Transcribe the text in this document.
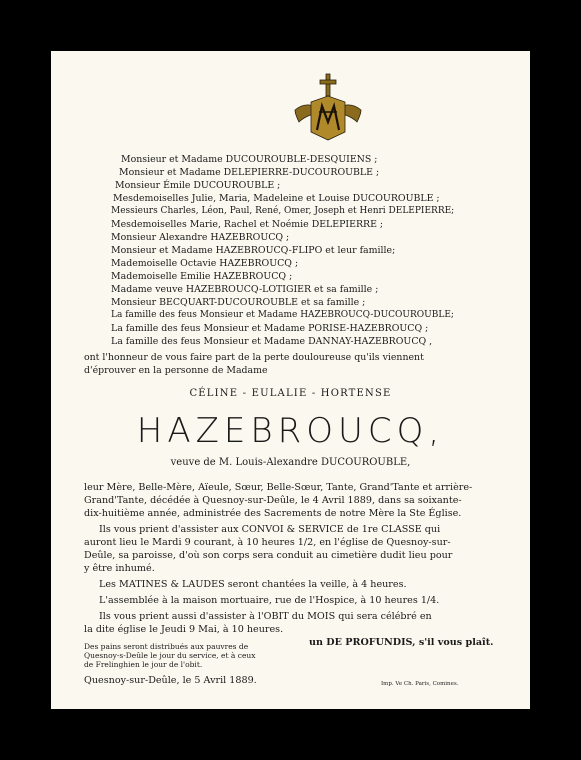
Monsieur et Madame DUCOUROUBLE-DESQUIENS ;
Monsieur et Madame DELEPIERRE-DUCOUROUBLE ;
Monsieur Émile DUCOUROUBLE ;
Mesdemoiselles Julie, Maria, Madeleine et Louise DUCOUROUBLE ;
Messieurs Charles, Léon, Paul, René, Omer, Joseph et Henri DELEPIERRE;
Mesdemoiselles Marie, Rachel et Noémie DELEPIERRE ;
Monsieur Alexandre HAZEBROUCQ ;
Monsieur et Madame HAZEBROUCQ-FLIPO et leur famille;
Mademoiselle Octavie HAZEBROUCQ ;
Mademoiselle Emilie HAZEBROUCQ ;
Madame veuve HAZEBROUCQ-LOTIGIER et sa famille ;
Monsieur BECQUART-DUCOUROUBLE et sa famille ;
La famille des feus Monsieur et Madame HAZEBROUCQ-DUCOUROUBLE;
La famille des feus Monsieur et Madame PORISE-HAZEBROUCQ ;
La famille des feus Monsieur et Madame DANNAY-HAZEBROUCQ ,
ont l'honneur de vous faire part de la perte douloureuse qu'ils viennent
d'éprouver en la personne de Madame
CÉLINE - EULALIE - HORTENSE
HAZEBROUCQ,
veuve de M. Louis-Alexandre DUCOUROUBLE,
leur Mère, Belle-Mère, Aïeule, Sœur, Belle-Sœur, Tante, Grand'Tante et arrière-
Grand'Tante, décédée à Quesnoy-sur-Deûle, le 4 Avril 1889, dans sa soixante-
dix-huitième année, administrée des Sacrements de notre Mère la Ste Église.
Ils vous prient d'assister aux CONVOI & SERVICE de 1re CLASSE qui
auront lieu le Mardi 9 courant, à 10 heures 1/2, en l'église de Quesnoy-sur-
Deûle, sa paroisse, d'où son corps sera conduit au cimetière dudit lieu pour
y être inhumé.
Les MATINES & LAUDES seront chantées la veille, à 4 heures.
L'assemblée à la maison mortuaire, rue de l'Hospice, à 10 heures 1/4.
Ils vous prient aussi d'assister à l'OBIT du MOIS qui sera célébré en
la dite église le Jeudi 9 Mai, à 10 heures.
un DE PROFUNDIS, s'il vous plaît.
Des pains seront distribués aux pauvres de
Quesnoy-s-Deûle le jour du service, et à ceux
de Frelinghien le jour de l'obit.
Quesnoy-sur-Deûle, le 5 Avril 1889.	Imp. Ve Ch. Paris, Comines.
